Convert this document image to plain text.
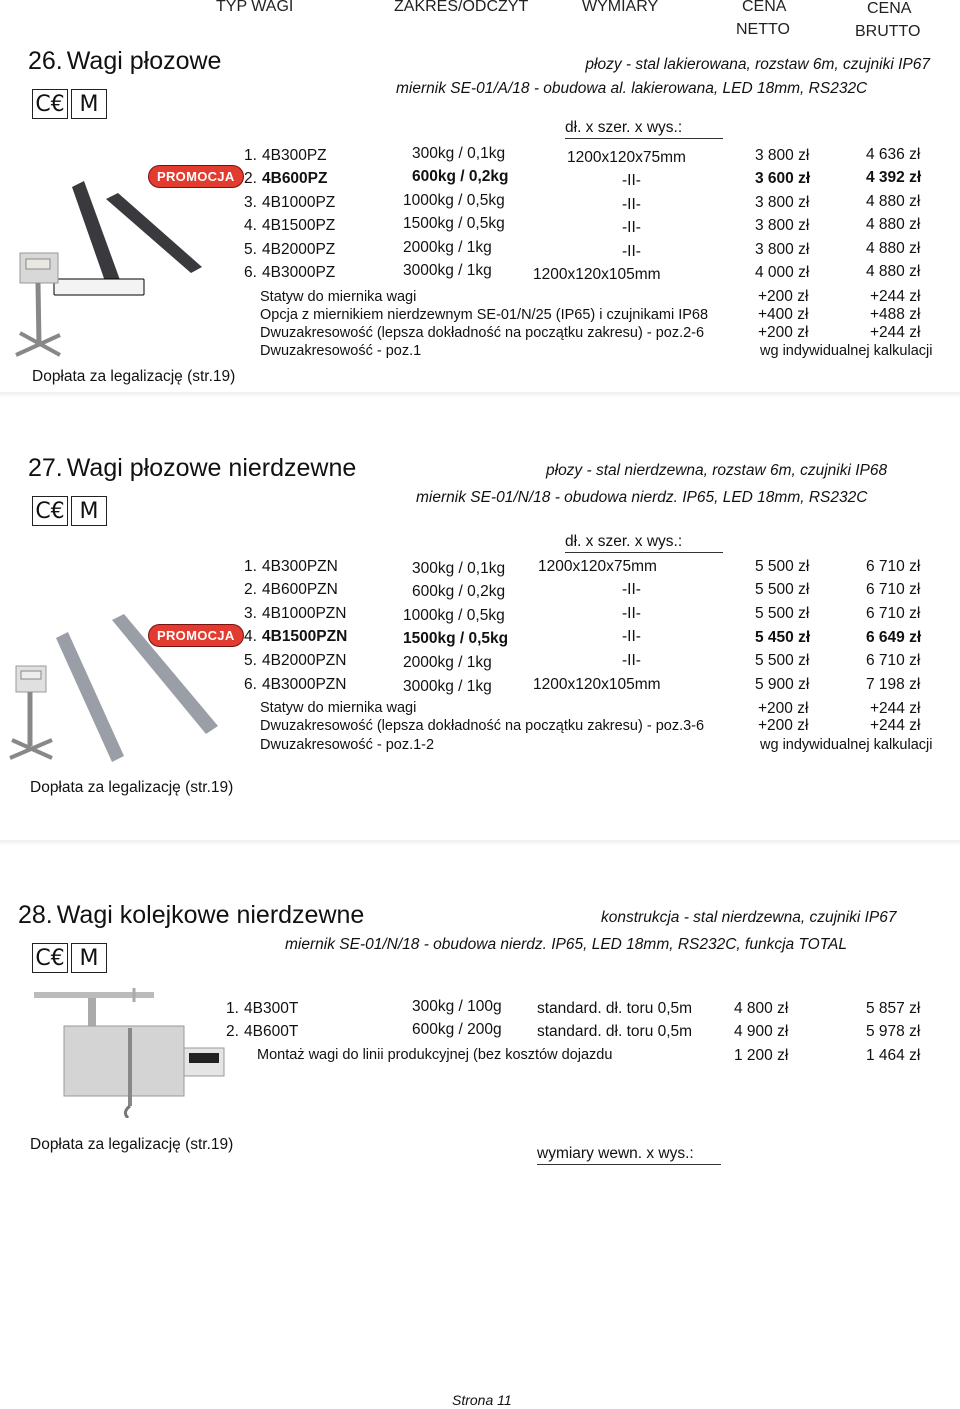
TYP WAGI	ZAKRES/ODCZYT	WYMIARY	CENA
NETTO
CENA
BRUTTO
26. Wagi płozowe	płozy - stal lakierowana, rozstaw 6m, czujniki IP67
miernik SE-01/A/18 - obudowa al. lakierowana, LED 18mm, RS232C
C€ M
dł. x szer. x wys.:
PROMOCJA
1. 4B300PZ	300kg / 0,1kg	1200x120x75mm	3 800 zł	4 636 zł
2. 4B600PZ	600kg / 0,2kg	-II-	3 600 zł	4 392 zł
3. 4B1000PZ	1000kg / 0,5kg	-II-	3 800 zł	4 880 zł
4. 4B1500PZ	1500kg / 0,5kg	-II-	3 800 zł	4 880 zł
5. 4B2000PZ	2000kg / 1kg	-II-	3 800 zł	4 880 zł
6. 4B3000PZ	3000kg / 1kg	1200x120x105mm	4 000 zł	4 880 zł
Statyw do miernika wagi	+200 zł	+244 zł
Opcja z miernikiem nierdzewnym SE-01/N/25 (IP65) i czujnikami IP68	+400 zł	+488 zł
Dwuzakresowość (lepsza dokładność na początku zakresu) - poz.2-6	+200 zł	+244 zł
Dwuzakresowość - poz.1	wg indywidualnej kalkulacji
Dopłata za legalizację (str.19)
27. Wagi płozowe nierdzewne	płozy - stal nierdzewna, rozstaw 6m, czujniki IP68
miernik SE-01/N/18 - obudowa nierdz. IP65, LED 18mm, RS232C
C€ M
dł. x szer. x wys.:
PROMOCJA
1. 4B300PZN	300kg / 0,1kg 1200x120x75mm	5 500 zł	6 710 zł
2. 4B600PZN	600kg / 0,2kg	-II-	5 500 zł	6 710 zł
3. 4B1000PZN	1000kg / 0,5kg	-II-	5 500 zł	6 710 zł
4. 4B1500PZN	1500kg / 0,5kg	-II-	5 450 zł	6 649 zł
5. 4B2000PZN	2000kg / 1kg	-II-	5 500 zł	6 710 zł
6. 4B3000PZN	3000kg / 1kg	1200x120x105mm	5 900 zł	7 198 zł
Statyw do miernika wagi	+200 zł	+244 zł
Dwuzakresowość (lepsza dokładność na początku zakresu) - poz.3-6	+200 zł	+244 zł
Dwuzakresowość - poz.1-2	wg indywidualnej kalkulacji
Dopłata za legalizację (str.19)
28. Wagi kolejkowe nierdzewne	konstrukcja - stal nierdzewna, czujniki IP67
miernik SE-01/N/18 - obudowa nierdz. IP65, LED 18mm, RS232C, funkcja TOTAL
C€ M
1. 4B300T	300kg / 100g standard. dł. toru 0,5m	4 800 zł	5 857 zł
2. 4B600T	600kg / 200g standard. dł. toru 0,5m	4 900 zł	5 978 zł
Montaż wagi do linii produkcyjnej (bez kosztów dojazdu	1 200 zł	1 464 zł
Dopłata za legalizację (str.19)
wymiary wewn. x wys.:
Strona 11
